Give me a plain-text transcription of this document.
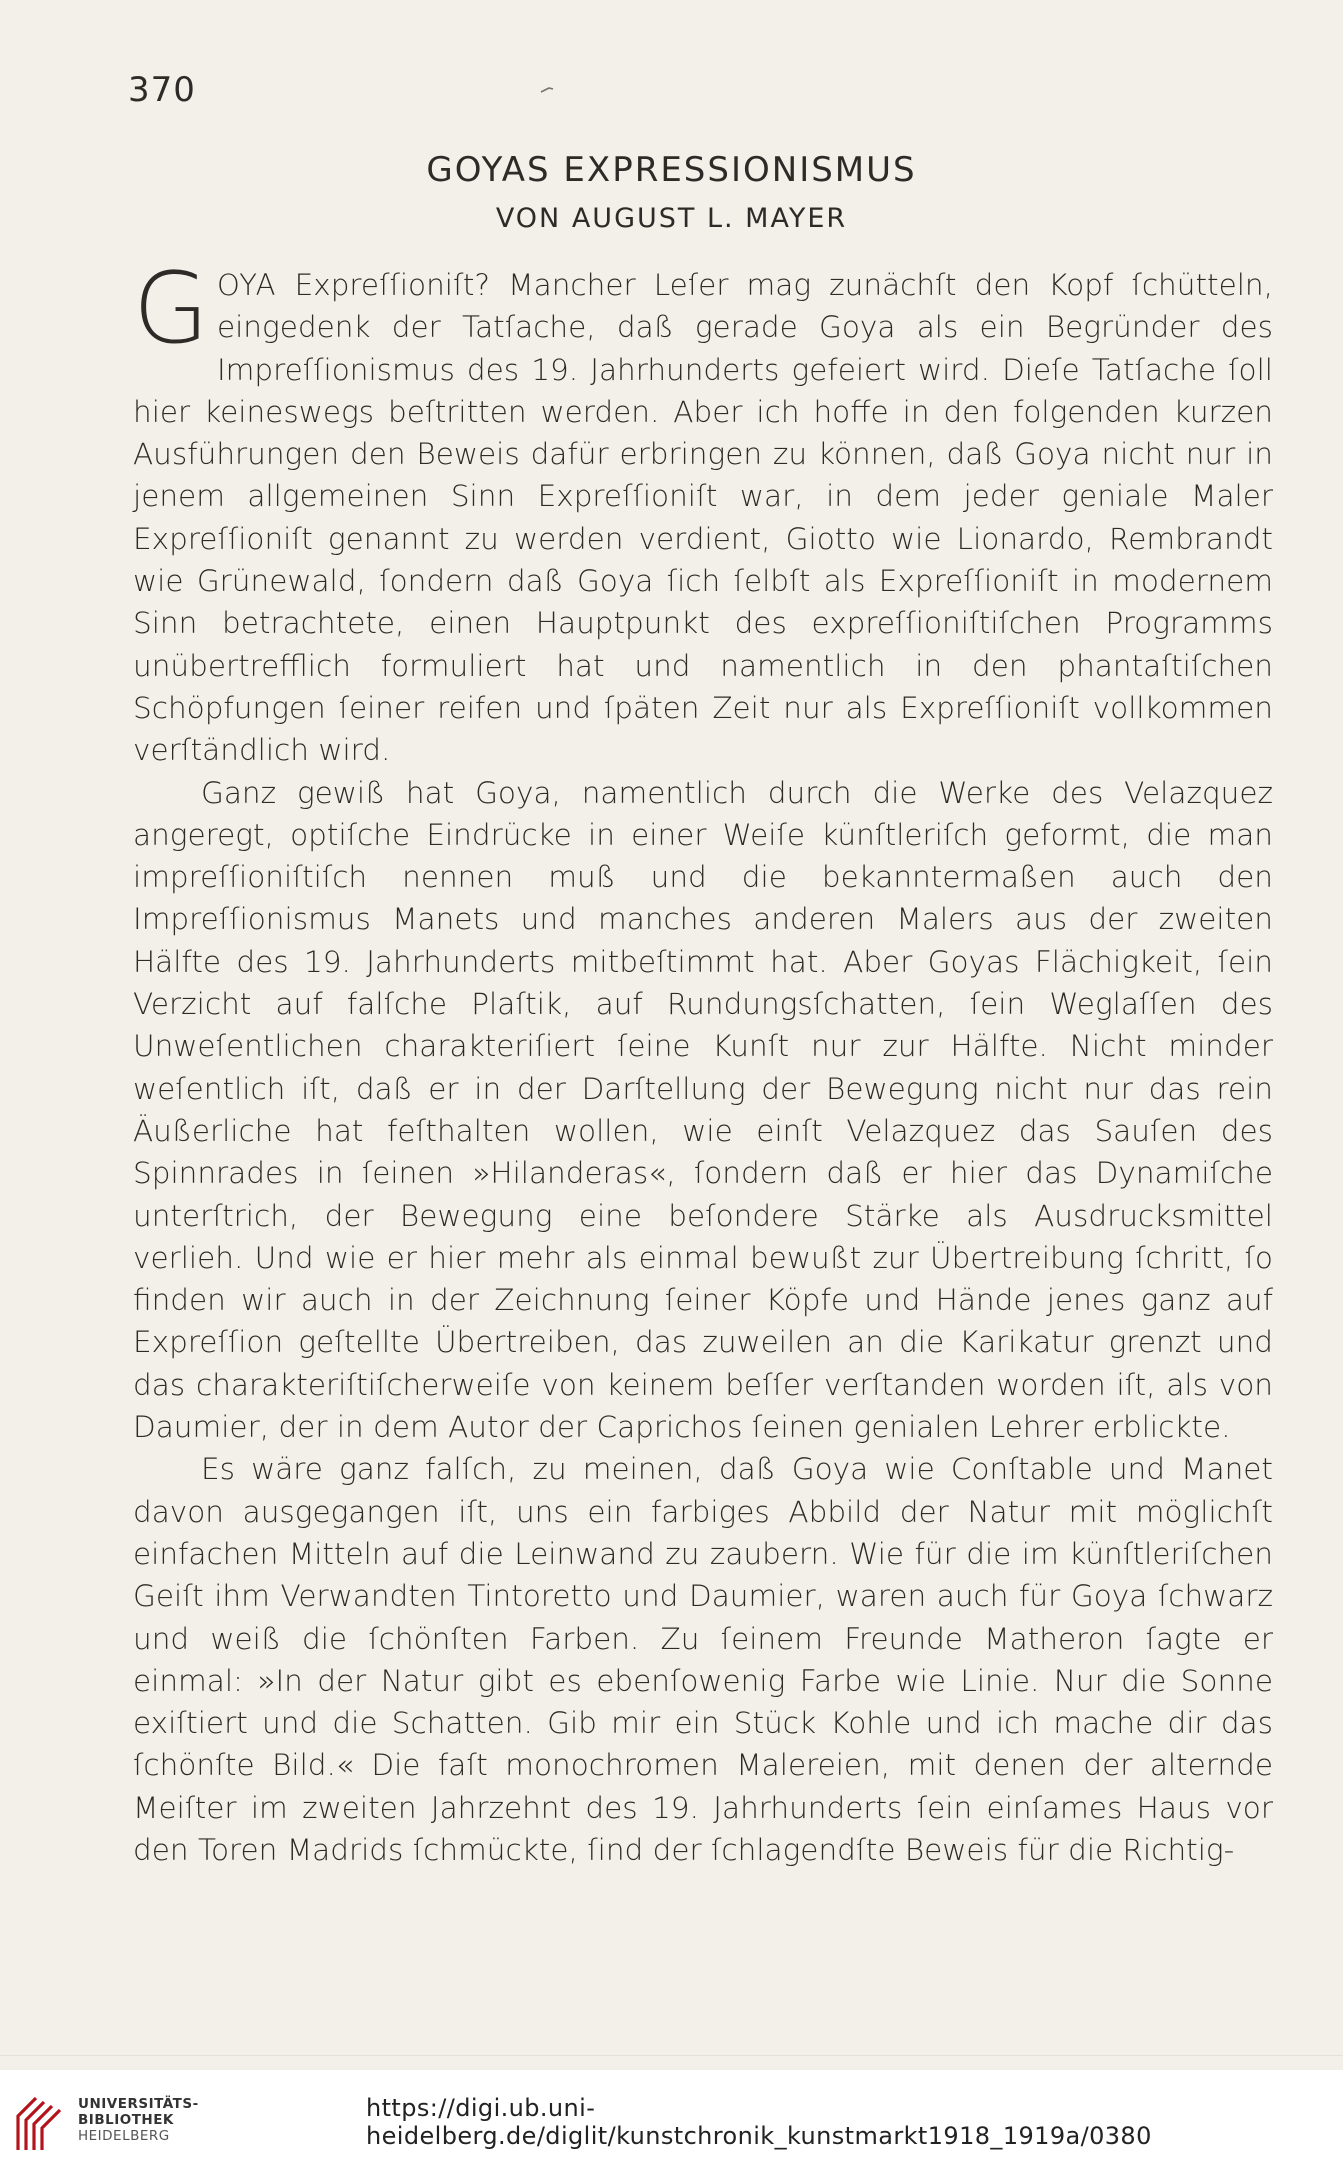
370
GOYAS EXPRESSIONISMUS
VON AUGUST L. MAYER

GOYA Expreſſioniſt? Mancher Leſer mag zunächſt den Kopf ſchütteln, eingedenk der Tatſache, daß gerade Goya als ein Begründer des Impreſſionismus des 19. Jahrhunderts gefeiert wird. Dieſe Tatſache ſoll hier keineswegs beſtritten werden. Aber ich hoffe in den folgenden kurzen Ausführungen den Beweis dafür erbringen zu können, daß Goya nicht nur in jenem allgemeinen Sinn Expreſſioniſt war, in dem jeder geniale Maler Expreſſioniſt genannt zu werden verdient, Giotto wie Lionardo, Rembrandt wie Grünewald, ſondern daß Goya ſich ſelbſt als Expreſſioniſt in modernem Sinn betrachtete, einen Hauptpunkt des expreſſioniſtiſchen Programms unübertrefflich formuliert hat und namentlich in den phantaſtiſchen Schöpfungen ſeiner reifen und ſpäten Zeit nur als Expreſſioniſt vollkommen verſtändlich wird.

Ganz gewiß hat Goya, namentlich durch die Werke des Velazquez angeregt, optiſche Eindrücke in einer Weiſe künſtleriſch geformt, die man impreſſioniſtiſch nennen muß und die bekanntermaßen auch den Impreſſionismus Manets und manches anderen Malers aus der zweiten Hälfte des 19. Jahrhunderts mitbeſtimmt hat. Aber Goyas Flächigkeit, ſein Verzicht auf falſche Plaſtik, auf Rundungsſchatten, ſein Weglaſſen des Unweſentlichen charakteriſiert ſeine Kunſt nur zur Hälfte. Nicht minder weſentlich iſt, daß er in der Darſtellung der Bewegung nicht nur das rein Äußerliche hat feſthalten wollen, wie einſt Velazquez das Sauſen des Spinnrades in ſeinen »Hilanderas«, ſondern daß er hier das Dynamiſche unterſtrich, der Bewegung eine beſondere Stärke als Ausdrucksmittel verlieh. Und wie er hier mehr als einmal bewußt zur Übertreibung ſchritt, ſo finden wir auch in der Zeichnung ſeiner Köpfe und Hände jenes ganz auf Expreſſion geſtellte Übertreiben, das zuweilen an die Karikatur grenzt und das charakteriſtiſcherweiſe von keinem beſſer verſtanden worden iſt, als von Daumier, der in dem Autor der Caprichos ſeinen genialen Lehrer erblickte.

Es wäre ganz falſch, zu meinen, daß Goya wie Conſtable und Manet davon ausgegangen iſt, uns ein farbiges Abbild der Natur mit möglichſt einfachen Mitteln auf die Leinwand zu zaubern. Wie für die im künſtleriſchen Geiſt ihm Verwandten Tintoretto und Daumier, waren auch für Goya ſchwarz und weiß die ſchönſten Farben. Zu ſeinem Freunde Matheron ſagte er einmal: »In der Natur gibt es ebenſowenig Farbe wie Linie. Nur die Sonne exiſtiert und die Schatten. Gib mir ein Stück Kohle und ich mache dir das ſchönſte Bild.« Die faſt monochromen Malereien, mit denen der alternde Meiſter im zweiten Jahrzehnt des 19. Jahrhunderts ſein einſames Haus vor den Toren Madrids ſchmückte, ſind der ſchlagendſte Beweis für die Richtig-

UNIVERSITÄTS-
BIBLIOTHEK
HEIDELBERG
https://digi.ub.uni-heidelberg.de/diglit/kunstchronik_kunstmarkt1918_1919a/0380
